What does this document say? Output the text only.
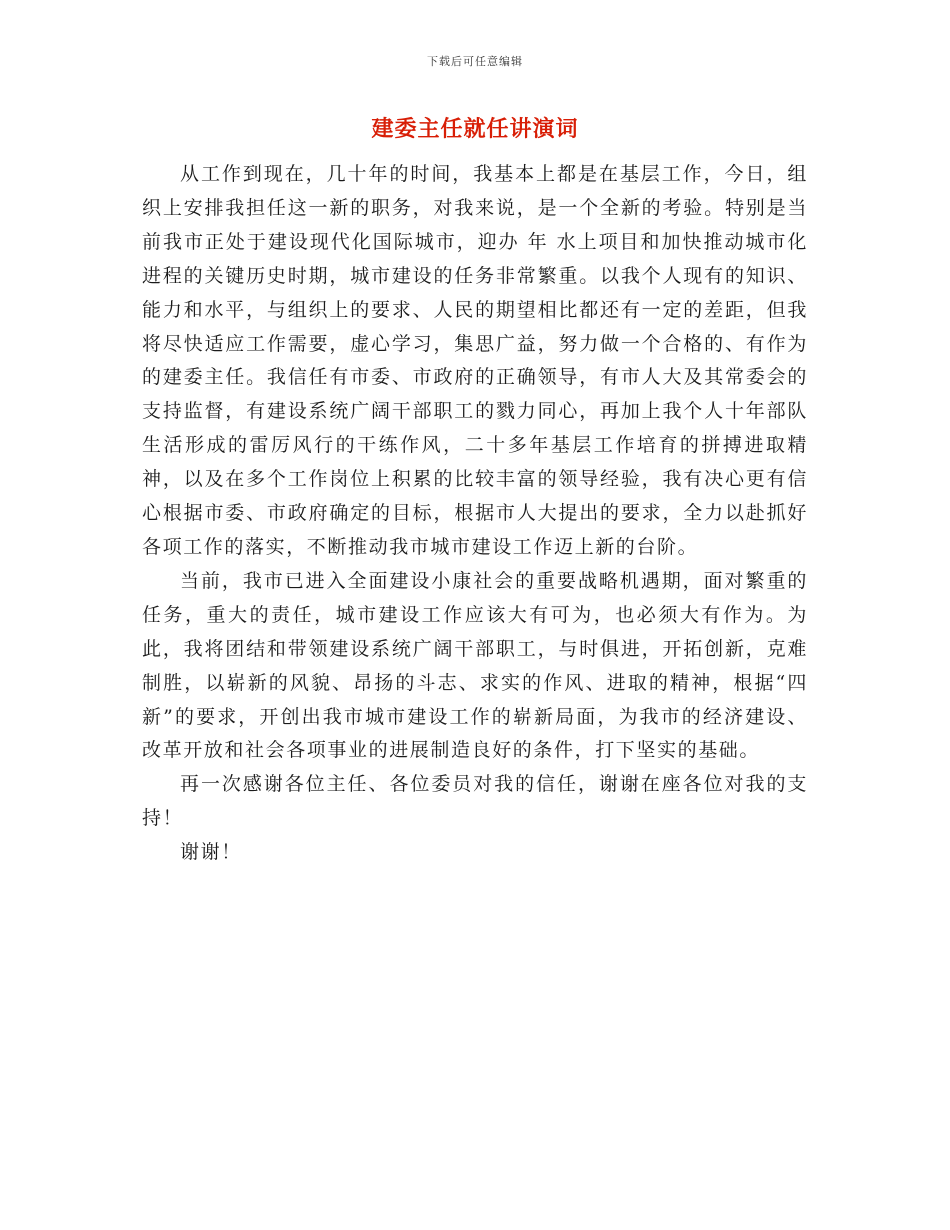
下载后可任意编辑
建委主任就任讲演词

从工作到现在，几十年的时间，我基本上都是在基层工作，今日，组织上安排我担任这一新的职务，对我来说，是一个全新的考验。特别是当前我市正处于建设现代化国际城市，迎办 年 水上项目和加快推动城市化进程的关键历史时期，城市建设的任务非常繁重。以我个人现有的知识、能力和水平，与组织上的要求、人民的期望相比都还有一定的差距，但我将尽快适应工作需要，虚心学习，集思广益，努力做一个合格的、有作为的建委主任。我信任有市委、市政府的正确领导，有市人大及其常委会的支持监督，有建设系统广阔干部职工的戮力同心，再加上我个人十年部队生活形成的雷厉风行的干练作风，二十多年基层工作培育的拼搏进取精神，以及在多个工作岗位上积累的比较丰富的领导经验，我有决心更有信心根据市委、市政府确定的目标，根据市人大提出的要求，全力以赴抓好各项工作的落实，不断推动我市城市建设工作迈上新的台阶。

当前，我市已进入全面建设小康社会的重要战略机遇期，面对繁重的任务，重大的责任，城市建设工作应该大有可为，也必须大有作为。为此，我将团结和带领建设系统广阔干部职工，与时俱进，开拓创新，克难制胜，以崭新的风貌、昂扬的斗志、求实的作风、进取的精神，根据“四新”的要求，开创出我市城市建设工作的崭新局面，为我市的经济建设、改革开放和社会各项事业的进展制造良好的条件，打下坚实的基础。

再一次感谢各位主任、各位委员对我的信任，谢谢在座各位对我的支持！

谢谢！
